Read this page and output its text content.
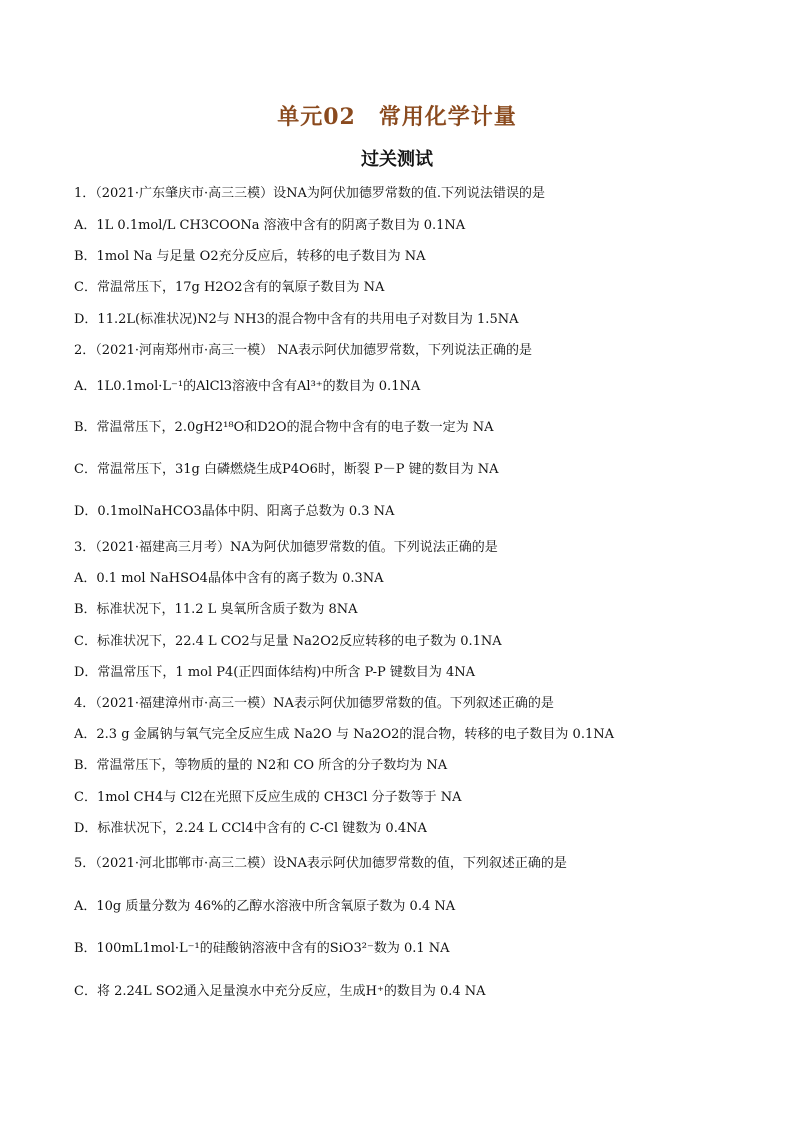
单元02　常用化学计量
过关测试
1．（2021·广东肇庆市·高三三模）设NA为阿伏加德罗常数的值.下列说法错误的是
A．1L 0.1mol/L CH3COONa 溶液中含有的阴离子数目为 0.1NA
B．1mol Na 与足量 O2充分反应后，转移的电子数目为 NA
C．常温常压下，17g H2O2含有的氧原子数目为 NA
D．11.2L(标准状况)N2与 NH3的混合物中含有的共用电子对数目为 1.5NA
2．（2021·河南郑州市·高三一模） NA表示阿伏加德罗常数，下列说法正确的是
A．1L0.1mol·L⁻¹的AlCl3溶液中含有Al³⁺的数目为 0.1NA
B．常温常压下，2.0gH2¹⁸O和D2O的混合物中含有的电子数一定为 NA
C．常温常压下，31g 白磷燃烧生成P4O6时，断裂 P－P 键的数目为 NA
D．0.1molNaHCO3晶体中阴、阳离子总数为 0.3 NA
3．（2021·福建高三月考）NA为阿伏加德罗常数的值。下列说法正确的是
A．0.1 mol NaHSO4晶体中含有的离子数为 0.3NA
B．标准状况下，11.2 L 臭氧所含质子数为 8NA
C．标准状况下，22.4 L CO2与足量 Na2O2反应转移的电子数为 0.1NA
D．常温常压下，1 mol P4(正四面体结构)中所含 P-P 键数目为 4NA
4．（2021·福建漳州市·高三一模）NA表示阿伏加德罗常数的值。下列叙述正确的是
A．2.3 g 金属钠与氧气完全反应生成 Na2O 与 Na2O2的混合物，转移的电子数目为 0.1NA
B．常温常压下，等物质的量的 N2和 CO 所含的分子数均为 NA
C．1mol CH4与 Cl2在光照下反应生成的 CH3Cl 分子数等于 NA
D．标准状况下，2.24 L CCl4中含有的 C-Cl 键数为 0.4NA
5．（2021·河北邯郸市·高三二模）设NA表示阿伏加德罗常数的值，下列叙述正确的是
A．10g 质量分数为 46%的乙醇水溶液中所含氧原子数为 0.4 NA
B．100mL1mol·L⁻¹的硅酸钠溶液中含有的SiO3²⁻数为 0.1 NA
C．将 2.24L SO2通入足量溴水中充分反应，生成H⁺的数目为 0.4 NA
